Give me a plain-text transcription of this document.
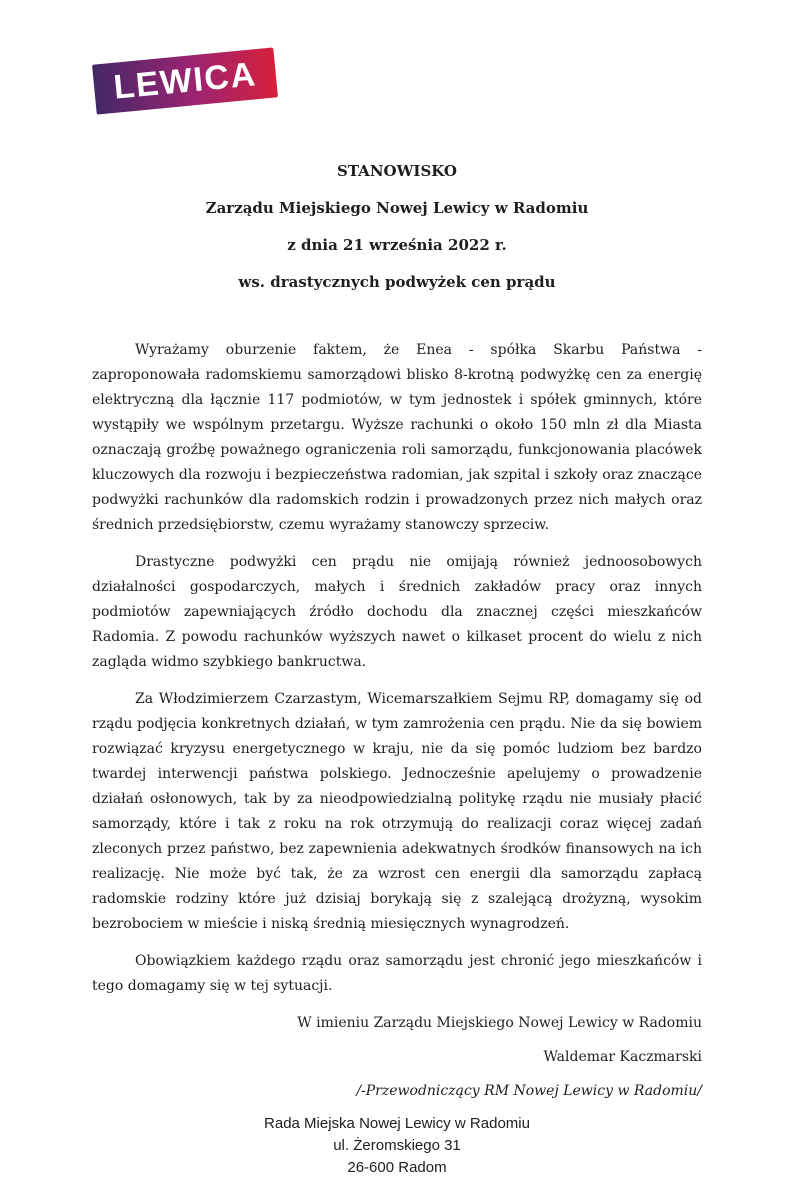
LEWICA

STANOWISKO

Zarządu Miejskiego Nowej Lewicy w Radomiu

z dnia 21 września 2022 r.

ws. drastycznych podwyżek cen prądu

Wyrażamy oburzenie faktem, że Enea - spółka Skarbu Państwa - zaproponowała radomskiemu samorządowi blisko 8-krotną podwyżkę cen za energię elektryczną dla łącznie 117 podmiotów, w tym jednostek i spółek gminnych, które wystąpiły we wspólnym przetargu. Wyższe rachunki o około 150 mln zł dla Miasta oznaczają groźbę poważnego ograniczenia roli samorządu, funkcjonowania placówek kluczowych dla rozwoju i bezpieczeństwa radomian, jak szpital i szkoły oraz znaczące podwyżki rachunków dla radomskich rodzin i prowadzonych przez nich małych oraz średnich przedsiębiorstw, czemu wyrażamy stanowczy sprzeciw.

Drastyczne podwyżki cen prądu nie omijają również jednoosobowych działalności gospodarczych, małych i średnich zakładów pracy oraz innych podmiotów zapewniających źródło dochodu dla znacznej części mieszkańców Radomia. Z powodu rachunków wyższych nawet o kilkaset procent do wielu z nich zagląda widmo szybkiego bankructwa.

Za Włodzimierzem Czarzastym, Wicemarszałkiem Sejmu RP, domagamy się od rządu podjęcia konkretnych działań, w tym zamrożenia cen prądu. Nie da się bowiem rozwiązać kryzysu energetycznego w kraju, nie da się pomóc ludziom bez bardzo twardej interwencji państwa polskiego. Jednocześnie apelujemy o prowadzenie działań osłonowych, tak by za nieodpowiedzialną politykę rządu nie musiały płacić samorządy, które i tak z roku na rok otrzymują do realizacji coraz więcej zadań zleconych przez państwo, bez zapewnienia adekwatnych środków finansowych na ich realizację. Nie może być tak, że za wzrost cen energii dla samorządu zapłacą radomskie rodziny które już dzisiaj borykają się z szalejącą drożyzną, wysokim bezrobociem w mieście i niską średnią miesięcznych wynagrodzeń.

Obowiązkiem każdego rządu oraz samorządu jest chronić jego mieszkańców i tego domagamy się w tej sytuacji.

W imieniu Zarządu Miejskiego Nowej Lewicy w Radomiu

Waldemar Kaczmarski

/-Przewodniczący RM Nowej Lewicy w Radomiu/

Rada Miejska Nowej Lewicy w Radomiu

ul. Żeromskiego 31

26-600 Radom
